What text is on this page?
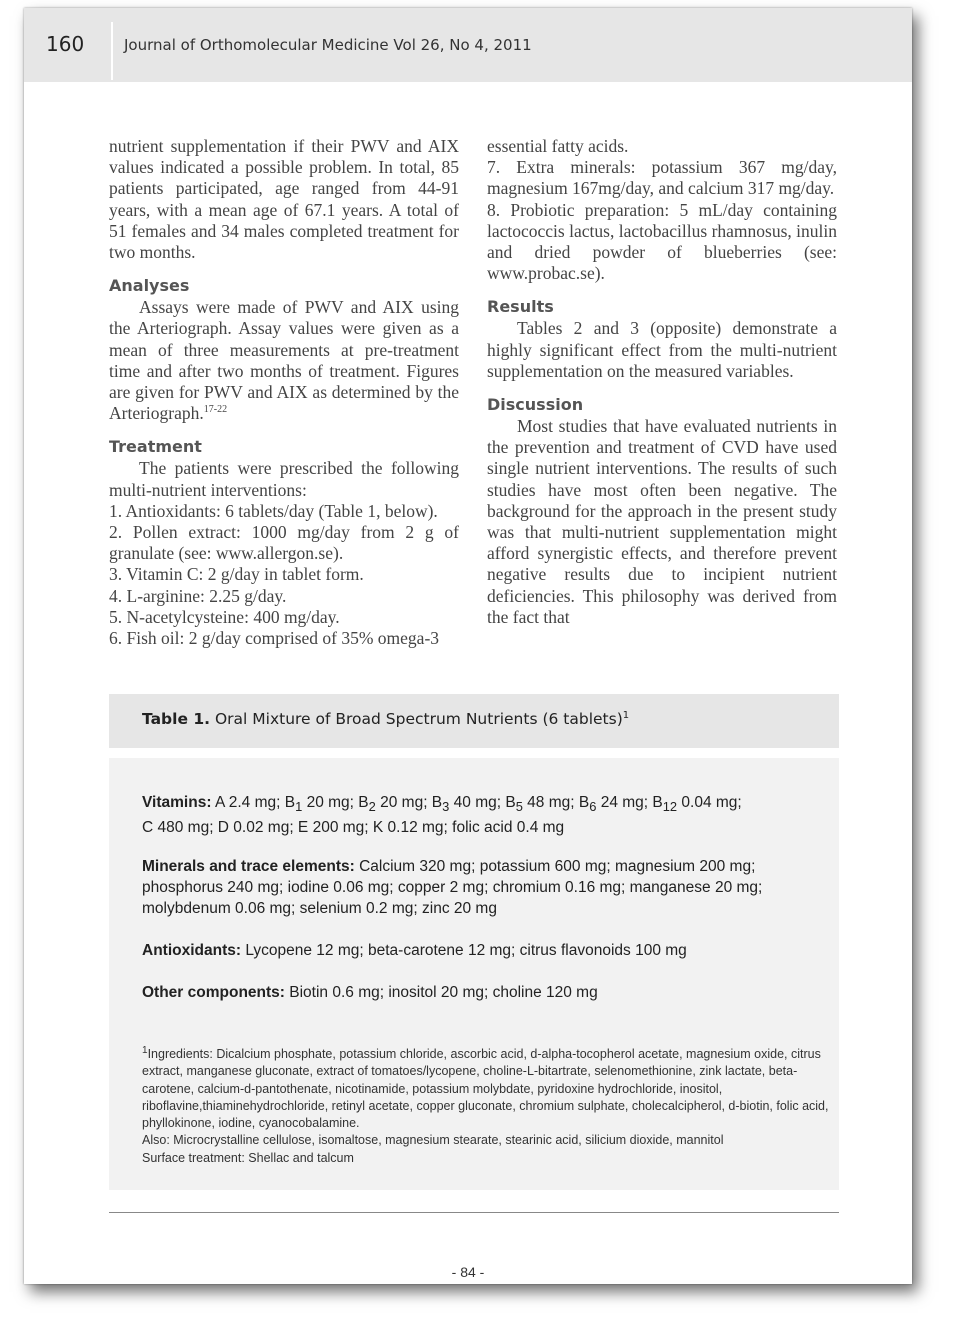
160	Journal of Orthomolecular Medicine Vol 26, No 4, 2011

nutrient supplementation if their PWV and AIX values indicated a possible problem. In total, 85 patients participated, age ranged from 44-91 years, with a mean age of 67.1 years. A total of 51 females and 34 males completed treatment for two months.

Analyses

Assays were made of PWV and AIX using the Arteriograph. Assay values were given as a mean of three measurements at pre-treatment time and after two months of treatment. Figures are given for PWV and AIX as determined by the Arteriograph.$^{17-22}$

Treatment

The patients were prescribed the following multi-nutrient interventions:

1. Antioxidants: 6 tablets/day (Table 1, below).

2. Pollen extract: 1000 mg/day from 2 g of granulate (see: www.allergon.se).

3. Vitamin C: 2 g/day in tablet form.

4. L-arginine: 2.25 g/day.

5. N-acetylcysteine: 400 mg/day.

6. Fish oil: 2 g/day comprised of 35% omega-3

essential fatty acids.

7. Extra minerals: potassium 367 mg/day, magnesium 167mg/day, and calcium 317 mg/day.

8. Probiotic preparation: 5 mL/day containing lactococcis lactus, lactobacillus rhamnosus, inulin and dried powder of blueberries (see: www.probac.se).

Results

Tables 2 and 3 (opposite) demonstrate a highly significant effect from the multi-nutrient supplementation on the measured variables.

Discussion

Most studies that have evaluated nutrients in the prevention and treatment of CVD have used single nutrient interventions. The results of such studies have most often been negative. The background for the approach in the present study was that multi-nutrient supplementation might afford synergistic effects, and therefore prevent negative results due to incipient nutrient deficiencies. This philosophy was derived from the fact that

Table 1. Oral Mixture of Broad Spectrum Nutrients (6 tablets)$^1$

Vitamins: A 2.4 mg; $B_1$ 20 mg; $B_2$ 20 mg; $B_3$ 40 mg; $B_5$ 48 mg; $B_6$ 24 mg; $B_{12}$ 0.04 mg;

C 480 mg; D 0.02 mg; E 200 mg; K 0.12 mg; folic acid 0.4 mg

Minerals and trace elements: Calcium 320 mg; potassium 600 mg; magnesium 200 mg; phosphorus 240 mg; iodine 0.06 mg; copper 2 mg; chromium 0.16 mg; manganese 20 mg; molybdenum 0.06 mg; selenium 0.2 mg; zinc 20 mg

Antioxidants: Lycopene 12 mg; beta-carotene 12 mg; citrus flavonoids 100 mg

Other components: Biotin 0.6 mg; inositol 20 mg; choline 120 mg

$^1$Ingredients: Dicalcium phosphate, potassium chloride, ascorbic acid, d-alpha-tocopherol acetate, magnesium oxide, citrus extract, manganese gluconate, extract of tomatoes/lycopene, choline-L-bitartrate, selenomethionine, zink lactate, beta-carotene, calcium-d-pantothenate, nicotinamide, potassium molybdate, pyridoxine hydrochloride, inositol, riboflavine,thiaminehydrochloride, retinyl acetate, copper gluconate, chromium sulphate, cholecalcipherol, d-biotin, folic acid, phyllokinone, iodine, cyanocobalamine.

Also: Microcrystalline cellulose, isomaltose, magnesium stearate, stearinic acid, silicium dioxide, mannitol

Surface treatment: Shellac and talcum

- 84 -
